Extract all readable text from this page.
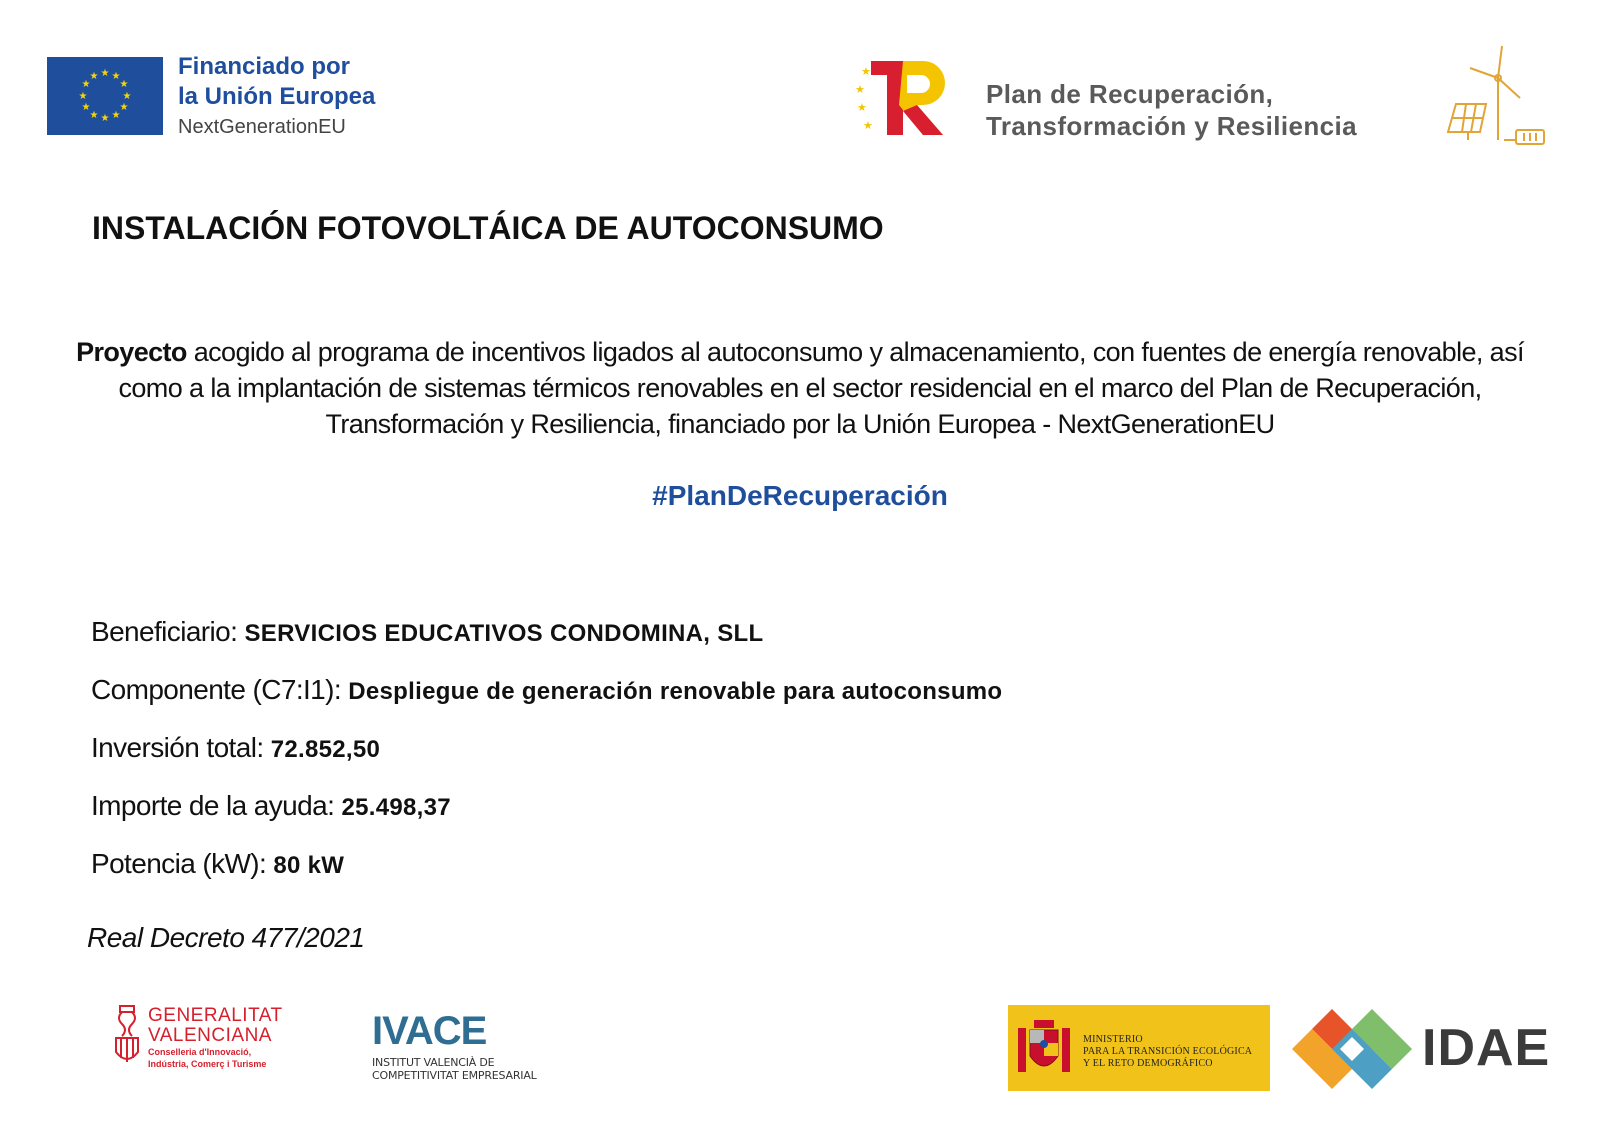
★ ★
★
★
★
★
★
★
★
★
★
★	Financiado por
la Unión Europea
NextGenerationEU
★
★
★
★
Plan de Recuperación,
Transformación y Resiliencia
INSTALACIÓN FOTOVOLTÁICA DE AUTOCONSUMO
Proyecto acogido al programa de incentivos ligados al autoconsumo y almacenamiento, con fuentes de energía renovable, así como a la implantación de sistemas térmicos renovables en el sector residencial en el marco del Plan de Recuperación, Transformación y Resiliencia, financiado por la Unión Europea - NextGenerationEU
#PlanDeRecuperación
Beneficiario: SERVICIOS EDUCATIVOS CONDOMINA, SLL
Componente (C7:I1): Despliegue de generación renovable para autoconsumo
Inversión total: 72.852,50
Importe de la ayuda: 25.498,37
Potencia (kW): 80 kW
Real Decreto 477/2021
GENERALITAT
VALENCIANA
Conselleria d'Innovació,
Indústria, Comerç i Turisme
IVACE
INSTITUT VALENCIÀ DE
COMPETITIVITAT EMPRESARIAL
MINISTERIO
PARA LA TRANSICIÓN ECOLÓGICA
Y EL RETO DEMOGRÁFICO	IDAE
